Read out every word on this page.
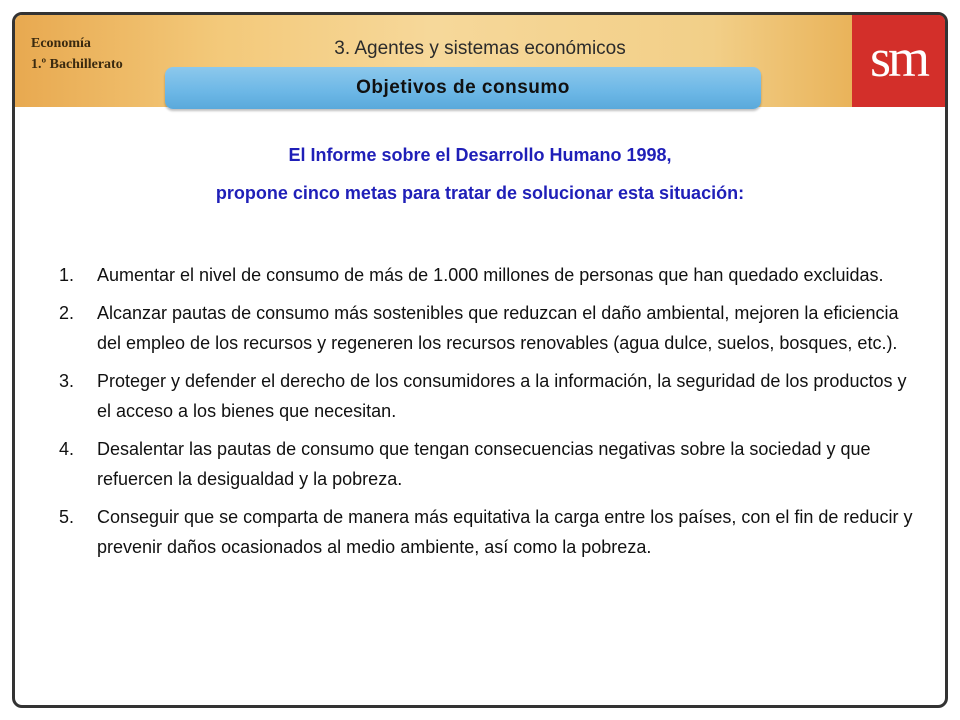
sm
Economía
1.º Bachillerato
3. Agentes y sistemas económicos
Objetivos de consumo
El Informe sobre el Desarrollo Humano 1998,
propone cinco metas para tratar de solucionar esta situación:
1.	Aumentar el nivel de consumo de más de 1.000 millones de personas que han quedado excluidas.
2.	Alcanzar pautas de consumo más sostenibles que reduzcan el daño ambiental, mejoren la eficiencia del empleo de los recursos y regeneren los recursos renovables (agua dulce, suelos, bosques, etc.).
3.	Proteger y defender el derecho de los consumidores a la información, la seguridad de los productos y el acceso a los bienes que necesitan.
4.	Desalentar las pautas de consumo que tengan consecuencias negativas sobre la sociedad y que refuercen la desigualdad y la pobreza.
5.	Conseguir que se comparta de manera más equitativa la carga entre los países, con el fin de reducir y prevenir daños ocasionados al medio ambiente, así como la pobreza.
